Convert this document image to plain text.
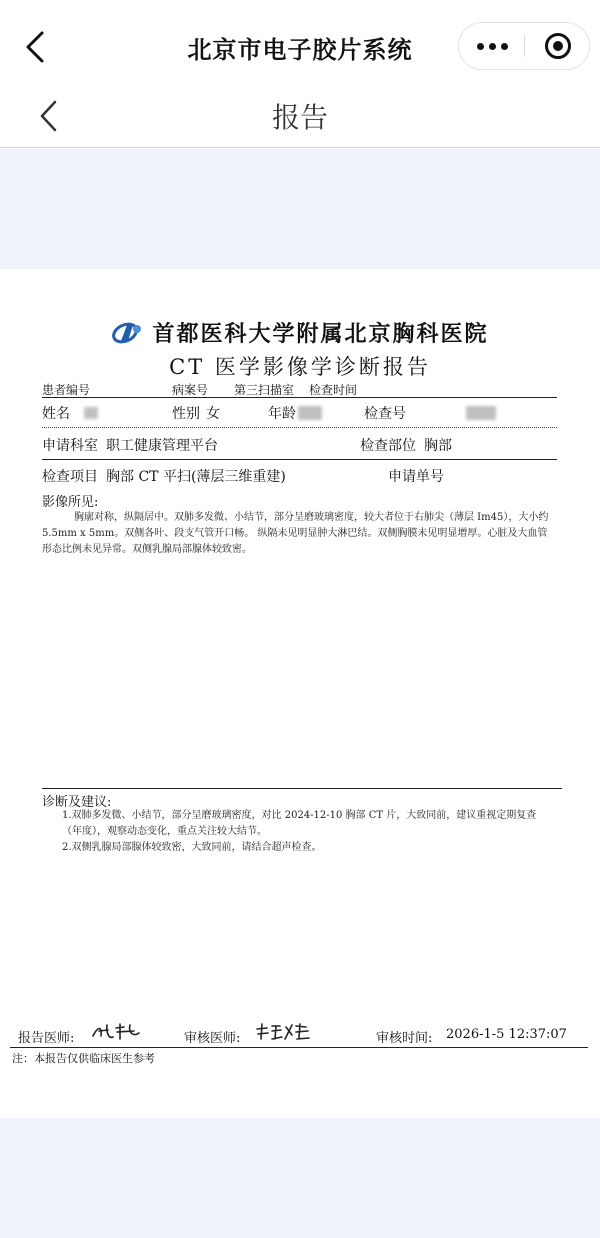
北京市电子胶片系统
报告
首都医科大学附属北京胸科医院
CT 医学影像学诊断报告
患者编号	病案号 第三扫描室 检查时间
姓名	性别 女	年龄	检查号
申请科室 职工健康管理平台	检查部位 胸部
检查项目 胸部 CT 平扫(薄层三维重建)	申请单号
影像所见:
胸廓对称，纵隔居中。双肺多发微、小结节，部分呈磨玻璃密度，较大者位于右肺尖（薄层 Im45），大小约 5.5mm x 5mm。双侧各叶、段支气管开口畅。 纵隔未见明显肿大淋巴结。双侧胸膜未见明显增厚。心脏及大血管形态比例未见异常。双侧乳腺局部腺体较致密。
诊断及建议:
1.双肺多发微、小结节，部分呈磨玻璃密度，对比 2024-12-10 胸部 CT 片，大致同前，建议重视定期复查（年度），观察动态变化，重点关注较大结节。
2.双侧乳腺局部腺体较致密，大致同前，请结合超声检查。
报告医师:	审核医师:	审核时间: 2026-1-5 12:37:07
注：本报告仅供临床医生参考
